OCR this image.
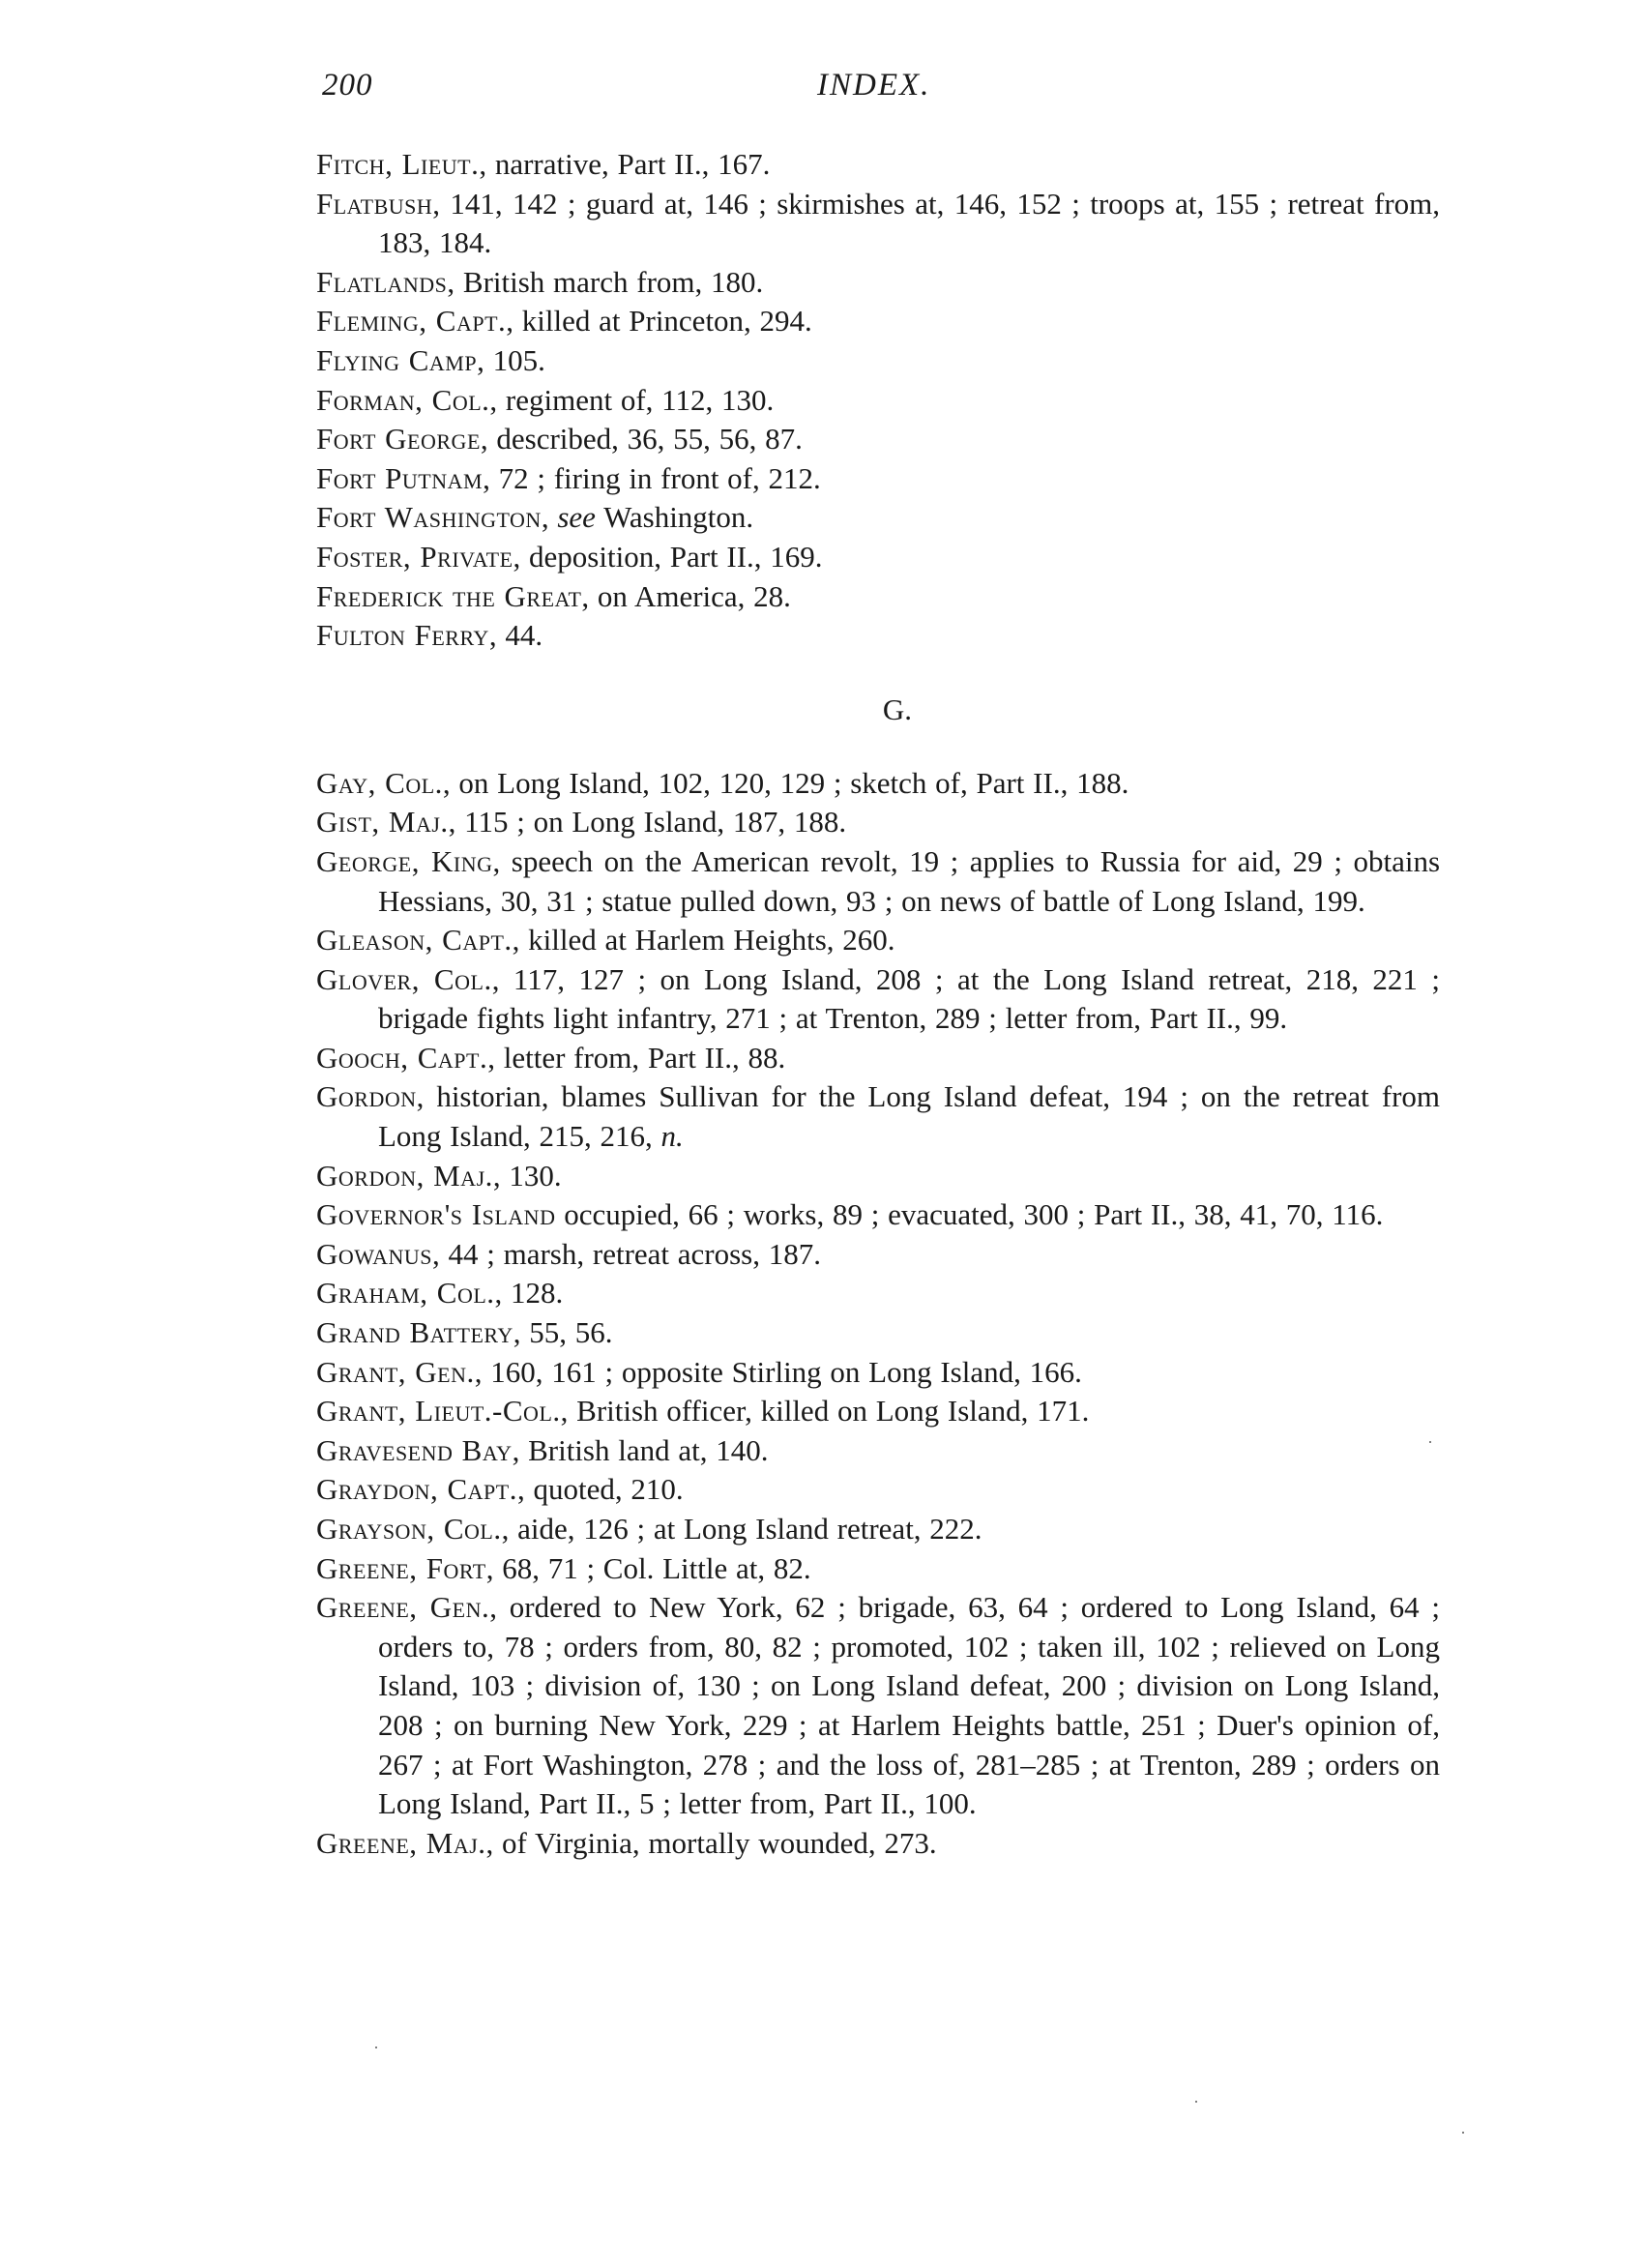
200	INDEX.
Fitch, Lieut., narrative, Part II., 167.
Flatbush, 141, 142 ; guard at, 146 ; skirmishes at, 146, 152 ; troops at, 155 ; retreat from, 183, 184.
Flatlands, British march from, 180.
Fleming, Capt., killed at Princeton, 294.
Flying Camp, 105.
Forman, Col., regiment of, 112, 130.
Fort George, described, 36, 55, 56, 87.
Fort Putnam, 72 ; firing in front of, 212.
Fort Washington, see Washington.
Foster, Private, deposition, Part II., 169.
Frederick the Great, on America, 28.
Fulton Ferry, 44.
G.
Gay, Col., on Long Island, 102, 120, 129 ; sketch of, Part II., 188.
Gist, Maj., 115 ; on Long Island, 187, 188.
George, King, speech on the American revolt, 19 ; applies to Russia for aid, 29 ; obtains Hessians, 30, 31 ; statue pulled down, 93 ; on news of battle of Long Island, 199.
Gleason, Capt., killed at Harlem Heights, 260.
Glover, Col., 117, 127 ; on Long Island, 208 ; at the Long Island retreat, 218, 221 ; brigade fights light infantry, 271 ; at Trenton, 289 ; letter from, Part II., 99.
Gooch, Capt., letter from, Part II., 88.
Gordon, historian, blames Sullivan for the Long Island defeat, 194 ; on the retreat from Long Island, 215, 216, n.
Gordon, Maj., 130.
Governor's Island occupied, 66 ; works, 89 ; evacuated, 300 ; Part II., 38, 41, 70, 116.
Gowanus, 44 ; marsh, retreat across, 187.
Graham, Col., 128.
Grand Battery, 55, 56.
Grant, Gen., 160, 161 ; opposite Stirling on Long Island, 166.
Grant, Lieut.-Col., British officer, killed on Long Island, 171.
Gravesend Bay, British land at, 140.
Graydon, Capt., quoted, 210.
Grayson, Col., aide, 126 ; at Long Island retreat, 222.
Greene, Fort, 68, 71 ; Col. Little at, 82.
Greene, Gen., ordered to New York, 62 ; brigade, 63, 64 ; ordered to Long Island, 64 ; orders to, 78 ; orders from, 80, 82 ; promoted, 102 ; taken ill, 102 ; relieved on Long Island, 103 ; division of, 130 ; on Long Island defeat, 200 ; division on Long Island, 208 ; on burning New York, 229 ; at Harlem Heights battle, 251 ; Duer's opinion of, 267 ; at Fort Washington, 278 ; and the loss of, 281–285 ; at Trenton, 289 ; orders on Long Island, Part II., 5 ; letter from, Part II., 100.
Greene, Maj., of Virginia, mortally wounded, 273.
